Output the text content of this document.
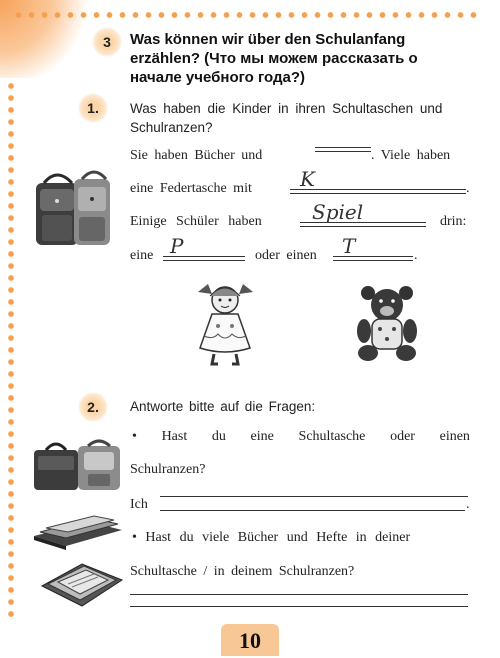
3	Was können wir über den Schulanfang erzählen? (Что мы можем рассказать о начале учебного года?)
1.	Was haben die Kinder in ihren Schultaschen und Schulranzen?
Sie haben Bücher und	. Viele haben
eine Federtasche mit K	.
Einige Schüler haben	Spiel	drin:
eine P	oder einen T	.
2.	Antworte bitte auf die Fragen:
• Hast du eine Schultasche oder einen
Schulranzen?
Ich	.
• Hast du viele Bücher und Hefte in deiner
Schultasche / in deinem Schulranzen?
10
